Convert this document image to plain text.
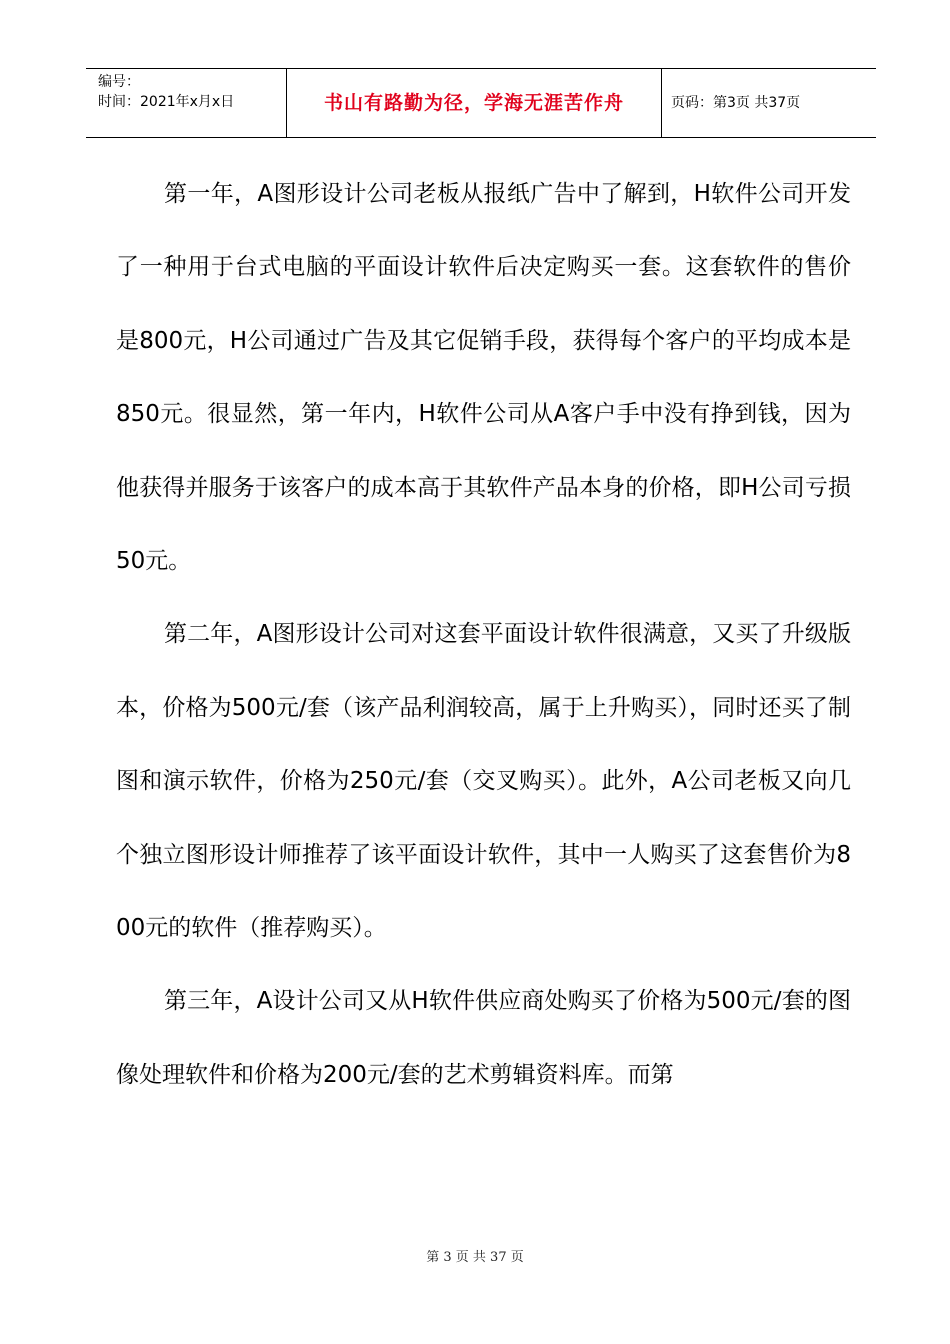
编号：
时间：2021年x月x日	书山有路勤为径，学海无涯苦作舟	页码：第3页 共37页

第一年，A图形设计公司老板从报纸广告中了解到，H软件公司开发了一种用于台式电脑的平面设计软件后决定购买一套。这套软件的售价是800元，H公司通过广告及其它促销手段，获得每个客户的平均成本是850元。很显然，第一年内，H软件公司从A客户手中没有挣到钱，因为他获得并服务于该客户的成本高于其软件产品本身的价格，即H公司亏损50元。

第二年，A图形设计公司对这套平面设计软件很满意，又买了升级版本，价格为500元/套（该产品利润较高，属于上升购买），同时还买了制图和演示软件，价格为250元/套（交叉购买）。此外，A公司老板又向几个独立图形设计师推荐了该平面设计软件，其中一人购买了这套售价为800元的软件（推荐购买）。

第三年，A设计公司又从H软件供应商处购买了价格为500元/套的图像处理软件和价格为200元/套的艺术剪辑资料库。而第

第 3 页 共 37 页
